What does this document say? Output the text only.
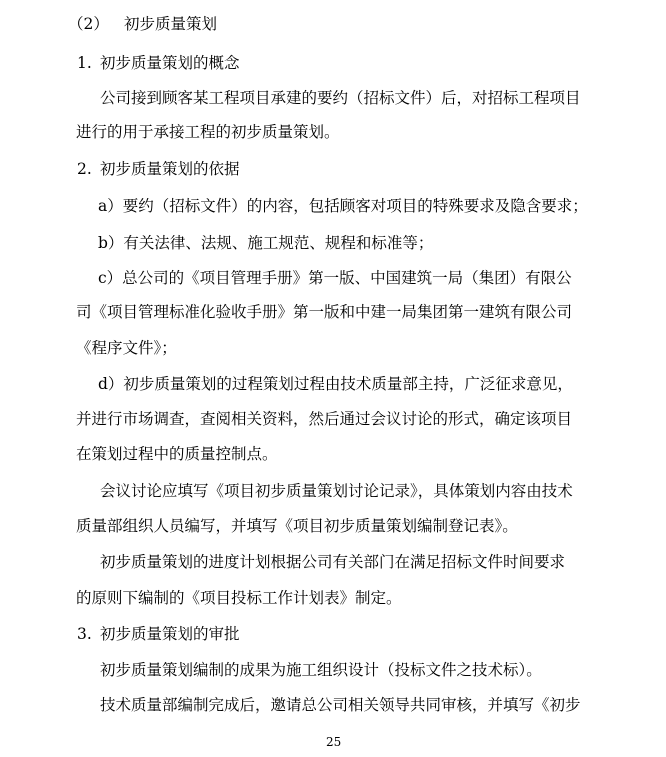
（2） 初步质量策划
1. 初步质量策划的概念
公司接到顾客某工程项目承建的要约（招标文件）后，对招标工程项目
进行的用于承接工程的初步质量策划。
2. 初步质量策划的依据
a）要约（招标文件）的内容，包括顾客对项目的特殊要求及隐含要求；
b）有关法律、法规、施工规范、规程和标准等；
c）总公司的《项目管理手册》第一版、中国建筑一局（集团）有限公
司《项目管理标准化验收手册》第一版和中建一局集团第一建筑有限公司
《程序文件》；
d）初步质量策划的过程策划过程由技术质量部主持，广泛征求意见，
并进行市场调查，查阅相关资料，然后通过会议讨论的形式，确定该项目
在策划过程中的质量控制点。
会议讨论应填写《项目初步质量策划讨论记录》，具体策划内容由技术
质量部组织人员编写，并填写《项目初步质量策划编制登记表》。
初步质量策划的进度计划根据公司有关部门在满足招标文件时间要求
的原则下编制的《项目投标工作计划表》制定。
3. 初步质量策划的审批
初步质量策划编制的成果为施工组织设计（投标文件之技术标）。
技术质量部编制完成后，邀请总公司相关领导共同审核，并填写《初步
25
